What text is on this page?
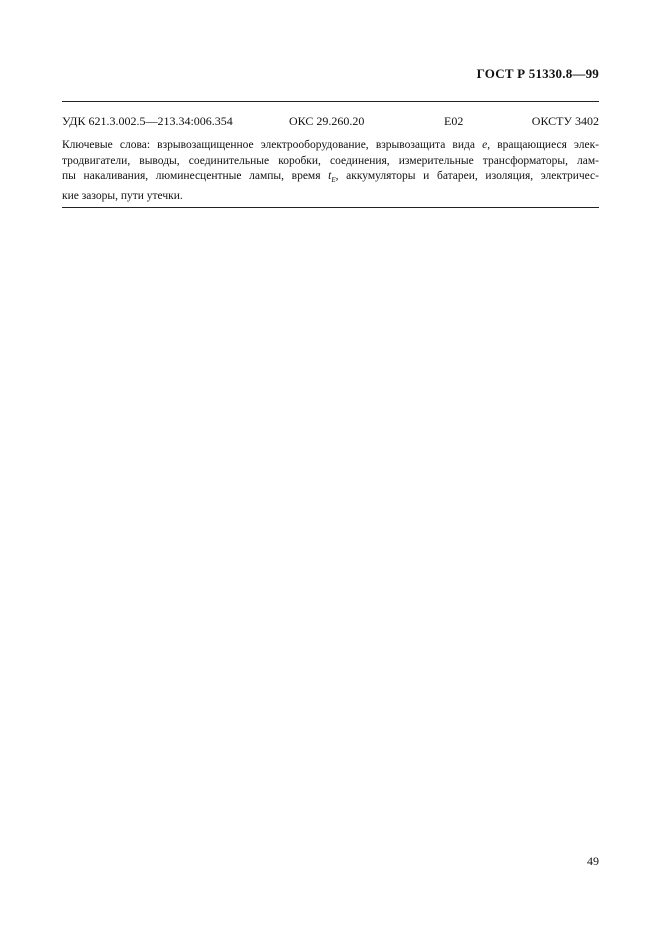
ГОСТ Р 51330.8—99
УДК 621.3.002.5—213.34:006.354	ОКС 29.260.20	Е02	ОКСТУ 3402
Ключевые слова: взрывозащищенное электрооборудование, взрывозащита вида е, вращающиеся элек-
тродвигатели, выводы, соединительные коробки, соединения, измерительные трансформаторы, лам-
пы накаливания, люминесцентные лампы, время $t_E$, аккумуляторы и батареи, изоляция, электричес-
кие зазоры, пути утечки.
49
